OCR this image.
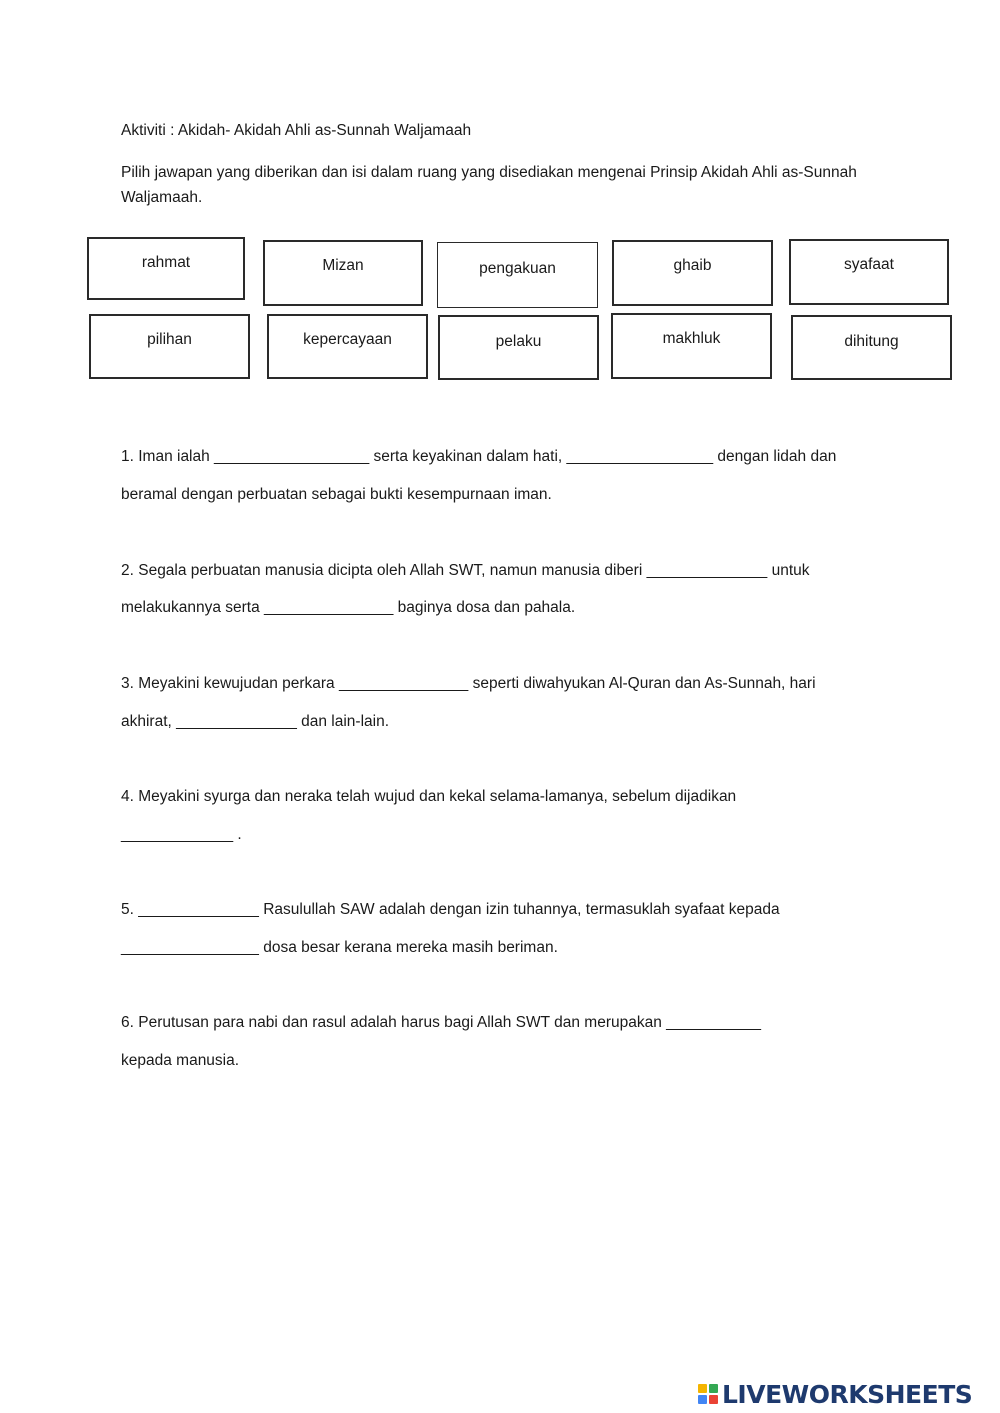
Aktiviti : Akidah- Akidah Ahli as-Sunnah Waljamaah
Pilih jawapan yang diberikan dan isi dalam ruang yang disediakan mengenai Prinsip Akidah Ahli as-Sunnah Waljamaah.
rahmat	Mizan	pengakuan	ghaib	syafaat
pilihan	kepercayaan	pelaku	makhluk	dihitung
1. Iman ialah __________________ serta keyakinan dalam hati, _________________ dengan lidah dan
beramal dengan perbuatan sebagai bukti kesempurnaan iman.
2. Segala perbuatan manusia dicipta oleh Allah SWT, namun manusia diberi ______________ untuk
melakukannya serta _______________ baginya dosa dan pahala.
3. Meyakini kewujudan perkara _______________ seperti diwahyukan Al-Quran dan As-Sunnah, hari
akhirat, ______________ dan lain-lain.
4. Meyakini syurga dan neraka telah wujud dan kekal selama-lamanya, sebelum dijadikan
_____________ .
5. ______________ Rasulullah SAW adalah dengan izin tuhannya, termasuklah syafaat kepada
________________ dosa besar kerana mereka masih beriman.
6. Perutusan para nabi dan rasul adalah harus bagi Allah SWT dan merupakan ___________
kepada manusia.
LIVEWORKSHEETS
